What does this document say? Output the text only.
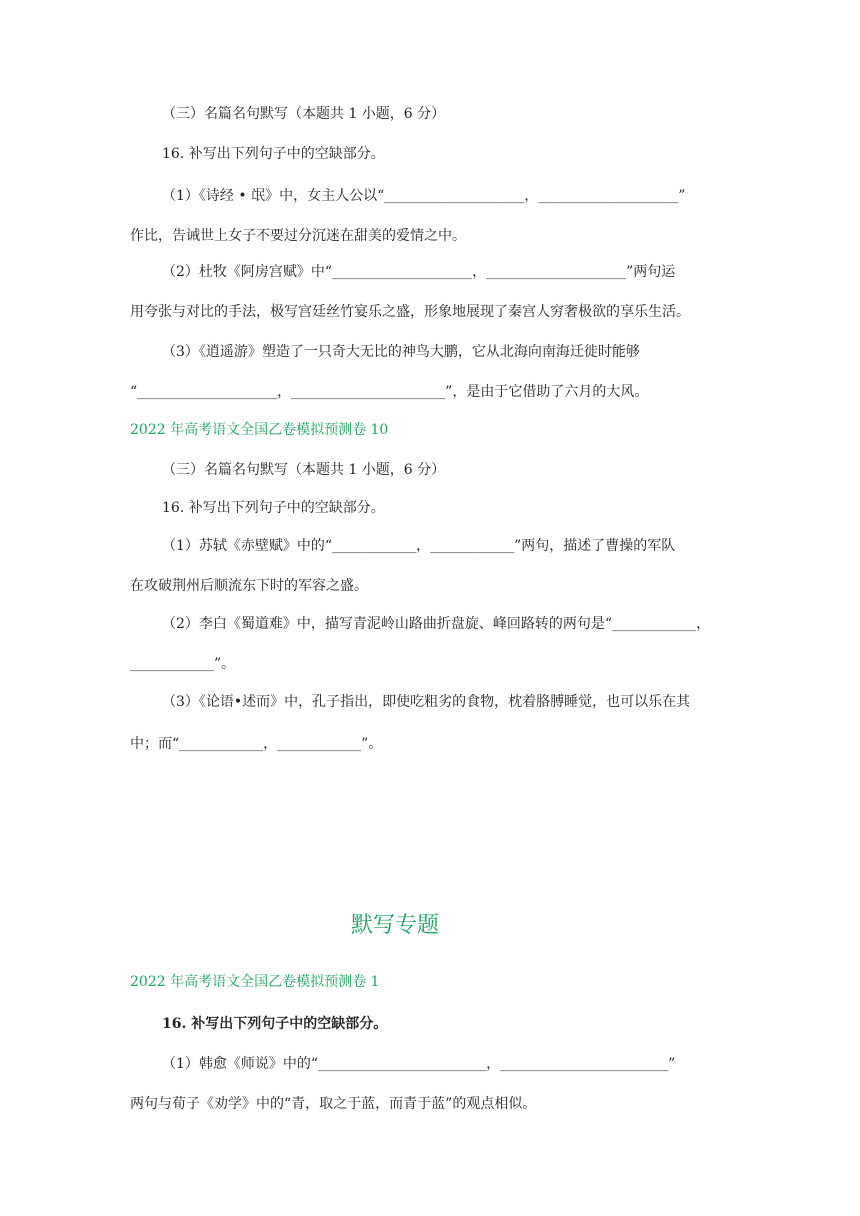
（三）名篇名句默写（本题共 1 小题，6 分）
16. 补写出下列句子中的空缺部分。
（1）《诗经 • 氓》中，女主人公以“____________________，____________________”
作比，告诫世上女子不要过分沉迷在甜美的爱情之中。
（2）杜牧《阿房宫赋》中“____________________，____________________”两句运
用夸张与对比的手法，极写宫廷丝竹宴乐之盛，形象地展现了秦宫人穷奢极欲的享乐生活。
（3）《逍遥游》塑造了一只奇大无比的神鸟大鹏，它从北海向南海迁徙时能够
“____________________，______________________”，是由于它借助了六月的大风。
2022 年高考语文全国乙卷模拟预测卷 10
（三）名篇名句默写（本题共 1 小题，6 分）
16. 补写出下列句子中的空缺部分。
（1）苏轼《赤壁赋》中的“____________，____________”两句，描述了曹操的军队
在攻破荆州后顺流东下时的军容之盛。
（2）李白《蜀道难》中，描写青泥岭山路曲折盘旋、峰回路转的两句是“____________，
____________”。
（3）《论语•述而》中，孔子指出，即使吃粗劣的食物，枕着胳膊睡觉，也可以乐在其
中；而“____________，____________”。
默写专题
2022 年高考语文全国乙卷模拟预测卷 1
16. 补写出下列句子中的空缺部分。
（1）韩愈《师说》中的“________________________，________________________”
两句与荀子《劝学》中的“青，取之于蓝，而青于蓝”的观点相似。
